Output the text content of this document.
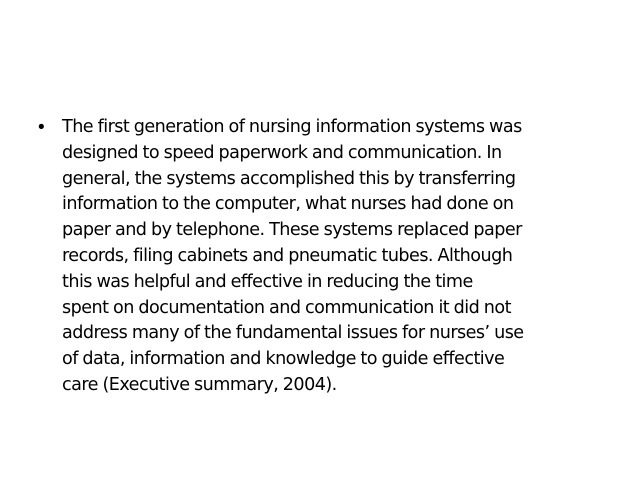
• The first generation of nursing information systems was
designed to speed paperwork and communication. In
general, the systems accomplished this by transferring
information to the computer, what nurses had done on
paper and by telephone. These systems replaced paper
records, filing cabinets and pneumatic tubes. Although
this was helpful and effective in reducing the time
spent on documentation and communication it did not
address many of the fundamental issues for nurses’ use
of data, information and knowledge to guide effective
care (Executive summary, 2004).
